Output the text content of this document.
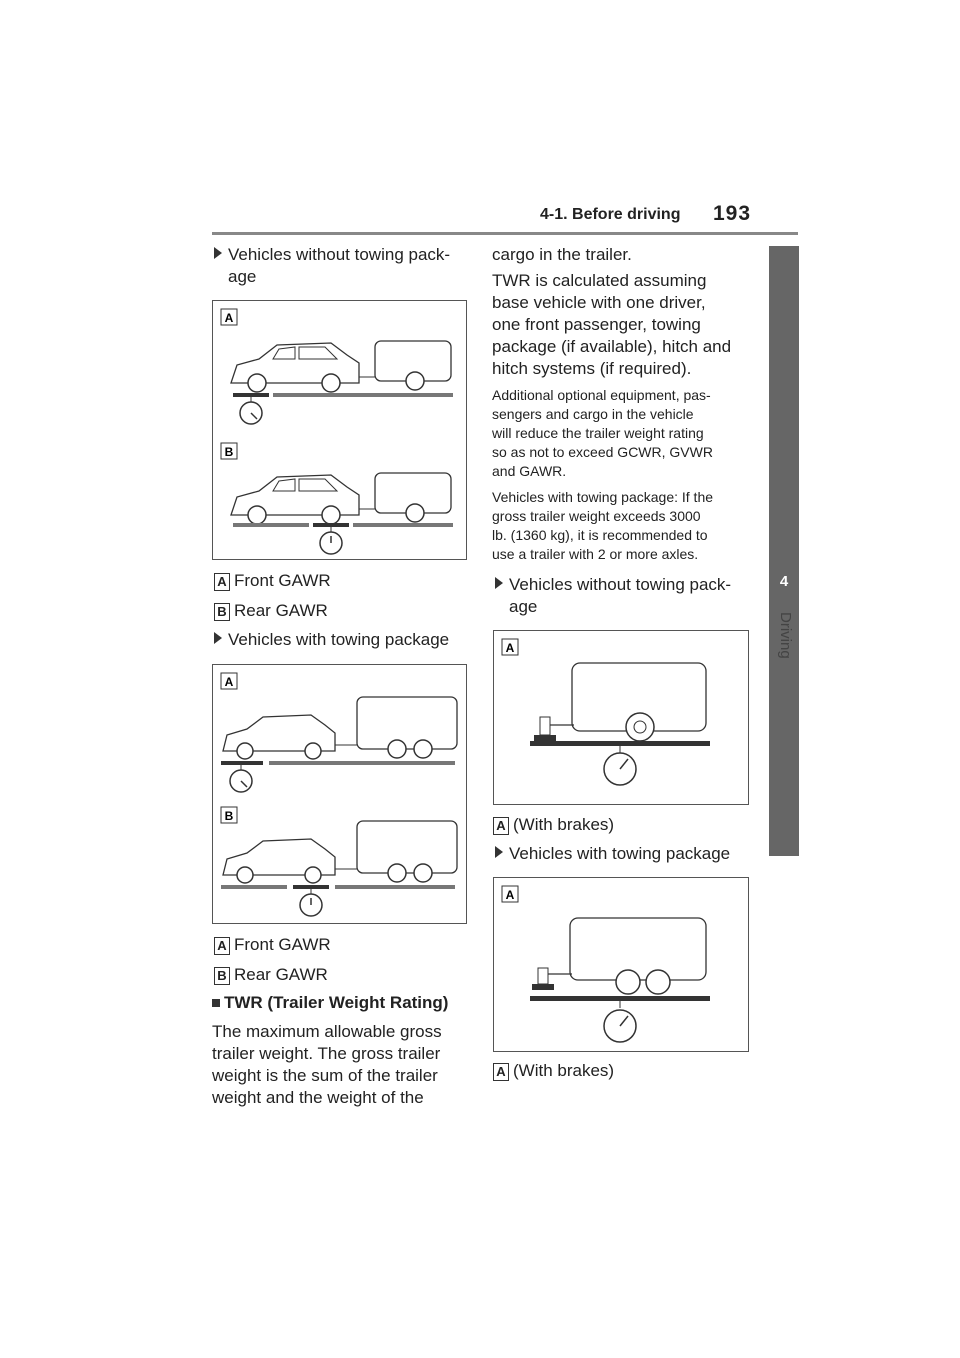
4-1. Before driving 193
4
Driving
Vehicles without towing pack-
age
A
B
A Front GAWR
B Rear GAWR
Vehicles with towing package
A
B
A Front GAWR
B Rear GAWR
TWR (Trailer Weight Rating)
The maximum allowable gross
trailer weight. The gross trailer
weight is the sum of the trailer
weight and the weight of the
cargo in the trailer.
TWR is calculated assuming
base vehicle with one driver,
one front passenger, towing
package (if available), hitch and
hitch systems (if required).
Additional optional equipment, pas-
sengers and cargo in the vehicle
will reduce the trailer weight rating
so as not to exceed GCWR, GVWR
and GAWR.
Vehicles with towing package: If the
gross trailer weight exceeds 3000
lb. (1360 kg), it is recommended to
use a trailer with 2 or more axles.
Vehicles without towing pack-
age
A
A (With brakes)
Vehicles with towing package
A
A (With brakes)
